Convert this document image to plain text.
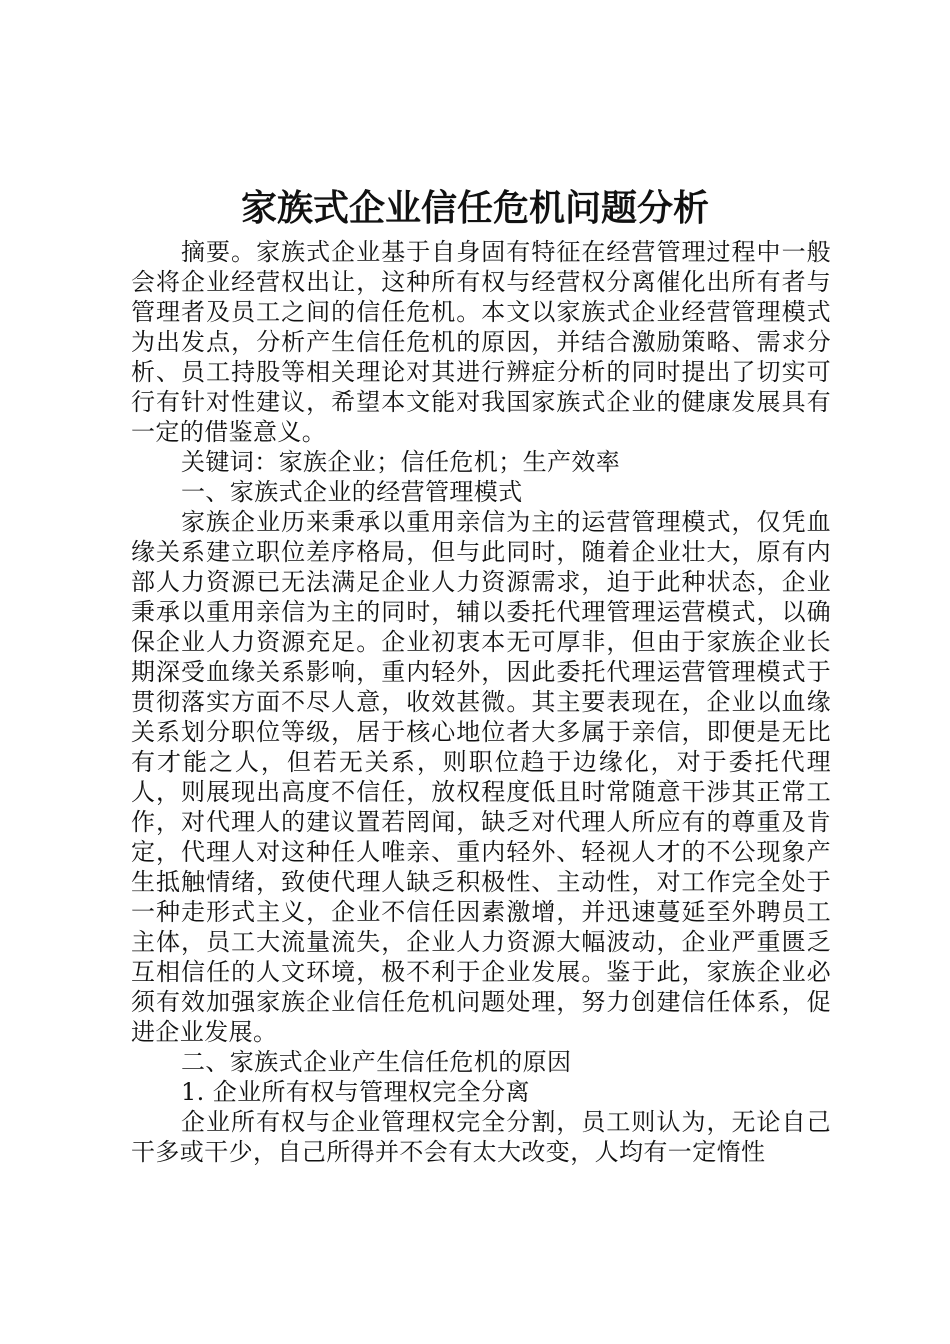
家族式企业信任危机问题分析

摘要。家族式企业基于自身固有特征在经营管理过程中一般会将企业经营权出让，这种所有权与经营权分离催化出所有者与管理者及员工之间的信任危机。本文以家族式企业经营管理模式为出发点，分析产生信任危机的原因，并结合激励策略、需求分析、员工持股等相关理论对其进行辨症分析的同时提出了切实可行有针对性建议，希望本文能对我国家族式企业的健康发展具有一定的借鉴意义。

关键词：家族企业；信任危机；生产效率

一、家族式企业的经营管理模式

家族企业历来秉承以重用亲信为主的运营管理模式，仅凭血缘关系建立职位差序格局，但与此同时，随着企业壮大，原有内部人力资源已无法满足企业人力资源需求，迫于此种状态，企业秉承以重用亲信为主的同时，辅以委托代理管理运营模式，以确保企业人力资源充足。企业初衷本无可厚非，但由于家族企业长期深受血缘关系影响，重内轻外，因此委托代理运营管理模式于贯彻落实方面不尽人意，收效甚微。其主要表现在，企业以血缘关系划分职位等级，居于核心地位者大多属于亲信，即便是无比有才能之人，但若无关系，则职位趋于边缘化，对于委托代理人，则展现出高度不信任，放权程度低且时常随意干涉其正常工作，对代理人的建议置若罔闻，缺乏对代理人所应有的尊重及肯定，代理人对这种任人唯亲、重内轻外、轻视人才的不公现象产生抵触情绪，致使代理人缺乏积极性、主动性，对工作完全处于一种走形式主义，企业不信任因素激增，并迅速蔓延至外聘员工主体，员工大流量流失，企业人力资源大幅波动，企业严重匮乏互相信任的人文环境，极不利于企业发展。鉴于此，家族企业必须有效加强家族企业信任危机问题处理，努力创建信任体系，促进企业发展。

二、家族式企业产生信任危机的原因

1. 企业所有权与管理权完全分离

企业所有权与企业管理权完全分割，员工则认为，无论自己干多或干少，自己所得并不会有太大改变，人均有一定惰性
